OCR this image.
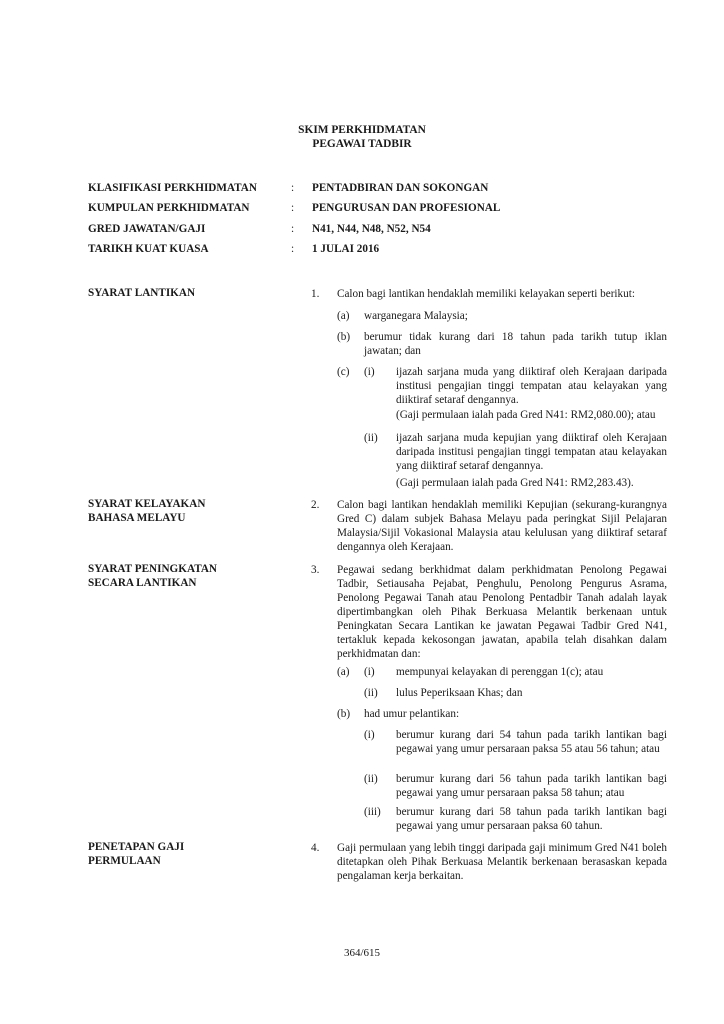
SKIM PERKHIDMATAN
PEGAWAI TADBIR
KLASIFIKASI PERKHIDMATAN	: PENTADBIRAN DAN SOKONGAN
KUMPULAN PERKHIDMATAN	: PENGURUSAN DAN PROFESIONAL
GRED JAWATAN/GAJI	: N41, N44, N48, N52, N54
TARIKH KUAT KUASA	: 1 JULAI 2016
SYARAT LANTIKAN	1. Calon bagi lantikan hendaklah memiliki kelayakan seperti berikut:
(a) warganegara Malaysia;
(b) berumur tidak kurang dari 18 tahun pada tarikh tutup iklan jawatan; dan
(c) (i) ijazah sarjana muda yang diiktiraf oleh Kerajaan daripada institusi pengajian tinggi tempatan atau kelayakan yang diiktiraf setaraf dengannya.
(Gaji permulaan ialah pada Gred N41: RM2,080.00); atau
(ii) ijazah sarjana muda kepujian yang diiktiraf oleh Kerajaan daripada institusi pengajian tinggi tempatan atau kelayakan yang diiktiraf setaraf dengannya.
(Gaji permulaan ialah pada Gred N41: RM2,283.43).
SYARAT KELAYAKAN
BAHASA MELAYU
2. Calon bagi lantikan hendaklah memiliki Kepujian (sekurang-kurangnya Gred C) dalam subjek Bahasa Melayu pada peringkat Sijil Pelajaran Malaysia/Sijil Vokasional Malaysia atau kelulusan yang diiktiraf setaraf dengannya oleh Kerajaan.
SYARAT PENINGKATAN
SECARA LANTIKAN
3. Pegawai sedang berkhidmat dalam perkhidmatan Penolong Pegawai Tadbir, Setiausaha Pejabat, Penghulu, Penolong Pengurus Asrama, Penolong Pegawai Tanah atau Penolong Pentadbir Tanah adalah layak dipertimbangkan oleh Pihak Berkuasa Melantik berkenaan untuk Peningkatan Secara Lantikan ke jawatan Pegawai Tadbir Gred N41, tertakluk kepada kekosongan jawatan, apabila telah disahkan dalam perkhidmatan dan:
(a) (i) mempunyai kelayakan di perenggan 1(c); atau
(ii) lulus Peperiksaan Khas; dan
(b) had umur pelantikan:
(i) berumur kurang dari 54 tahun pada tarikh lantikan bagi pegawai yang umur persaraan paksa 55 atau 56 tahun; atau
(ii) berumur kurang dari 56 tahun pada tarikh lantikan bagi pegawai yang umur persaraan paksa 58 tahun; atau
(iii) berumur kurang dari 58 tahun pada tarikh lantikan bagi pegawai yang umur persaraan paksa 60 tahun.
PENETAPAN GAJI
PERMULAAN
4. Gaji permulaan yang lebih tinggi daripada gaji minimum Gred N41 boleh ditetapkan oleh Pihak Berkuasa Melantik berkenaan berasaskan kepada pengalaman kerja berkaitan.
364/615
